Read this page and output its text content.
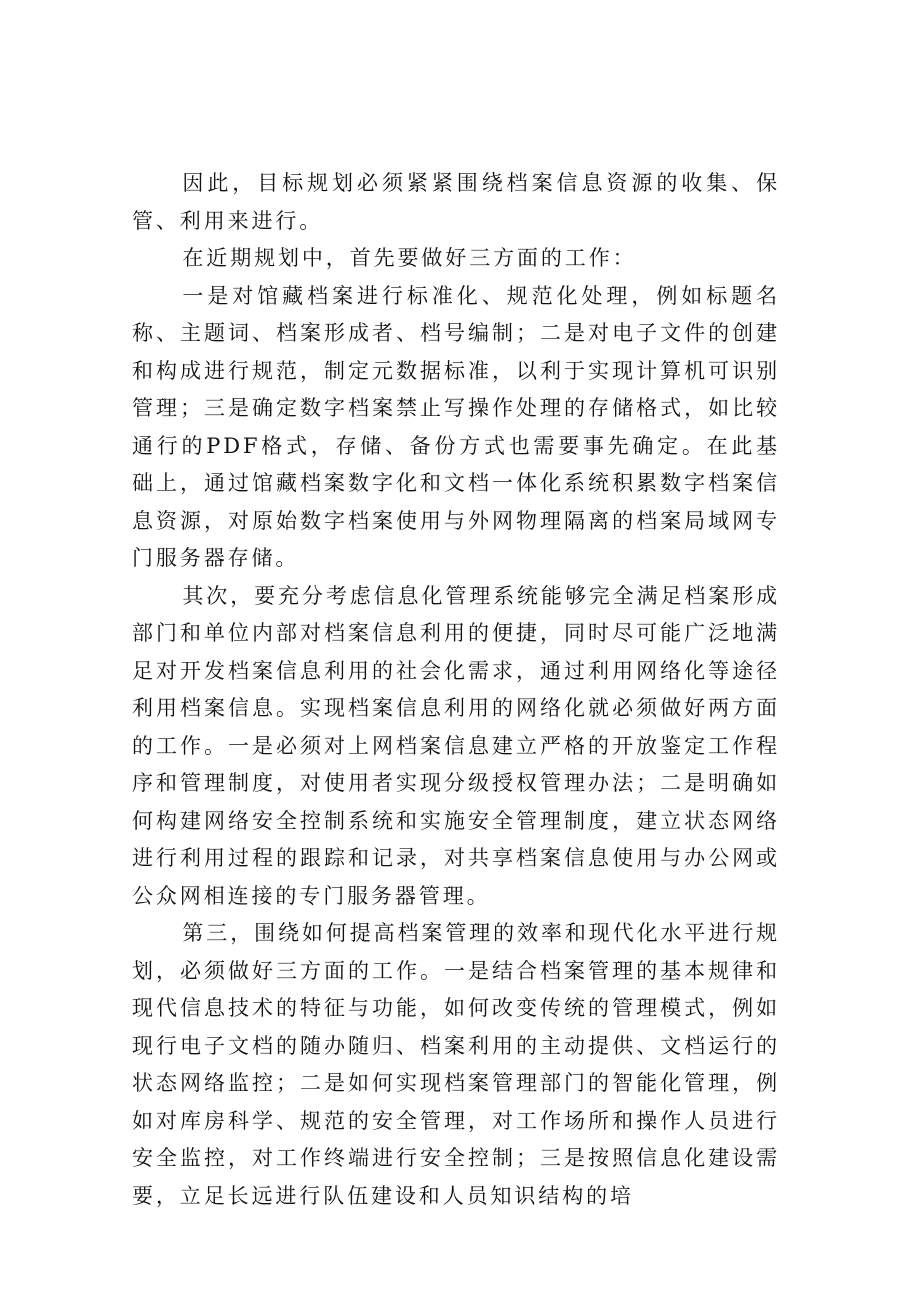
因此，目标规划必须紧紧围绕档案信息资源的收集、保管、利用来进行。

在近期规划中，首先要做好三方面的工作：

一是对馆藏档案进行标准化、规范化处理，例如标题名称、主题词、档案形成者、档号编制；二是对电子文件的创建和构成进行规范，制定元数据标准，以利于实现计算机可识别管理；三是确定数字档案禁止写操作处理的存储格式，如比较通行的PDF格式，存储、备份方式也需要事先确定。在此基础上，通过馆藏档案数字化和文档一体化系统积累数字档案信息资源，对原始数字档案使用与外网物理隔离的档案局域网专门服务器存储。

其次，要充分考虑信息化管理系统能够完全满足档案形成部门和单位内部对档案信息利用的便捷，同时尽可能广泛地满足对开发档案信息利用的社会化需求，通过利用网络化等途径利用档案信息。实现档案信息利用的网络化就必须做好两方面的工作。一是必须对上网档案信息建立严格的开放鉴定工作程序和管理制度，对使用者实现分级授权管理办法；二是明确如何构建网络安全控制系统和实施安全管理制度，建立状态网络进行利用过程的跟踪和记录，对共享档案信息使用与办公网或公众网相连接的专门服务器管理。

第三，围绕如何提高档案管理的效率和现代化水平进行规划，必须做好三方面的工作。一是结合档案管理的基本规律和现代信息技术的特征与功能，如何改变传统的管理模式，例如现行电子文档的随办随归、档案利用的主动提供、文档运行的状态网络监控；二是如何实现档案管理部门的智能化管理，例如对库房科学、规范的安全管理，对工作场所和操作人员进行安全监控，对工作终端进行安全控制；三是按照信息化建设需要，立足长远进行队伍建设和人员知识结构的培
